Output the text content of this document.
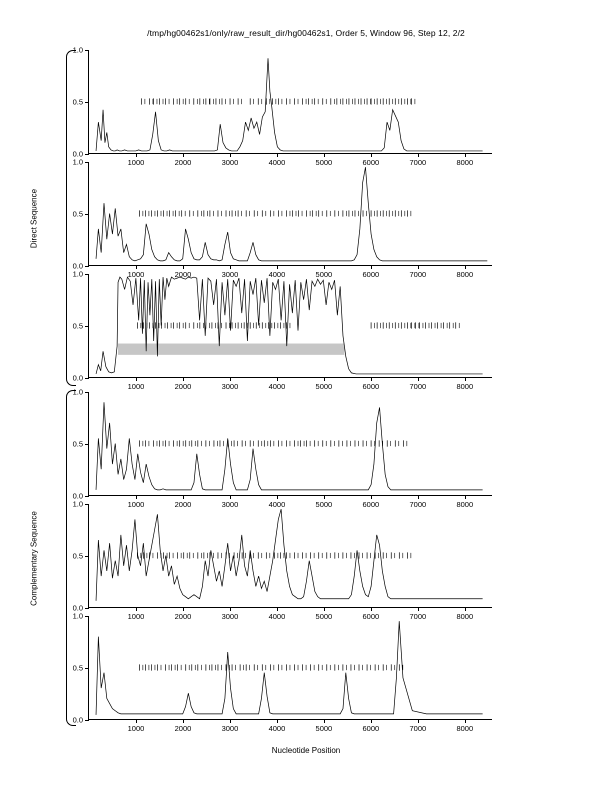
/tmp/hg00462s1/only/raw_result_dir/hg00462s1, Order 5, Window 96, Step 12, 2/2
Direct Sequence
Complementary Sequence
Nucleotide Position
0.0
0.5
1.0
1000	2000	3000	4000	5000	6000	7000	8000
0.0
0.5
1.0
1000	2000	3000	4000	5000	6000	7000	8000
0.0
0.5
1.0
1000	2000	3000	4000	5000	6000	7000	8000
0.0
0.5
1.0
1000	2000	3000	4000	5000	6000	7000	8000
0.0
0.5
1.0
1000	2000	3000	4000	5000	6000	7000	8000
0.0
0.5
1.0
1000	2000	3000	4000	5000	6000	7000	8000
